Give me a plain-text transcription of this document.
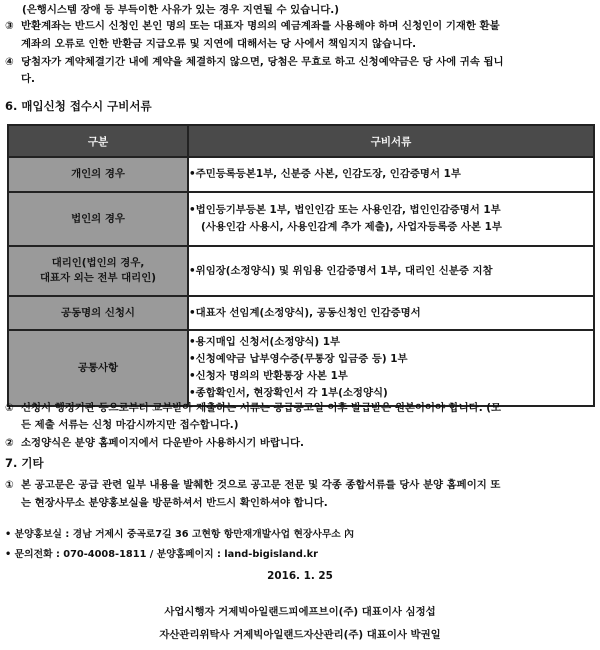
(은행시스템 장애 등 부득이한 사유가 있는 경우 지연될 수 있습니다.)
③ 반환계좌는 반드시 신청인 본인 명의 또는 대표자 명의의 예금계좌를 사용해야 하며 신청인이 기재한 환불
계좌의 오류로 인한 반환금 지급오류 및 지연에 대해서는 당 사에서 책임지지 않습니다.
④ 당첨자가 계약체결기간 내에 계약을 체결하지 않으면, 당첨은 무효로 하고 신청예약금은 당 사에 귀속 됩니
다.
6. 매입신청 접수시 구비서류
구분	구비서류
개인의 경우	• 주민등록등본1부, 신분증 사본, 인감도장, 인감증명서 1부

법인의 경우	• 법인등기부등본 1부, 법인인감 또는 사용인감, 법인인감증명서 1부
(사용인감 사용시, 사용인감계 추가 제출), 사업자등록증 사본 1부

대리인(법인의 경우,
대표자 외는 전부 대리인)	• 위임장(소정양식) 및 위임용 인감증명서 1부, 대리인 신분증 지참

공동명의 신청시	• 대표자 선임계(소정양식), 공동신청인 인감증명서

공통사항	• 용지매입 신청서(소정양식) 1부
• 신청예약금 납부영수증(무통장 입금증 등) 1부
• 신청자 명의의 반환통장 사본 1부
• 종합확인서, 현장확인서 각 1부(소정양식)
① 신청시 행정기관 등으로부터 교부받아 제출하는 서류는 공급공고일 이후 발급받은 원본이어야 합니다. (모
든 제출 서류는 신청 마감시까지만 접수합니다.)
② 소정양식은 분양 홈페이지에서 다운받아 사용하시기 바랍니다.
7. 기타
① 본 공고문은 공급 관련 일부 내용을 발췌한 것으로 공고문 전문 및 각종 종합서류를 당사 분양 홈페이지 또
는 현장사무소 분양홍보실을 방문하셔서 반드시 확인하셔야 합니다.
• 분양홍보실 : 경남 거제시 중곡로7길 36 고현항 항만재개발사업 현장사무소 內
• 문의전화 : 070-4008-1811 / 분양홈페이지 : land-bigisland.kr
2016. 1. 25
사업시행자 거제빅아일랜드피에프브이(주) 대표이사 심정섭
자산관리위탁사 거제빅아일랜드자산관리(주) 대표이사 박권일
